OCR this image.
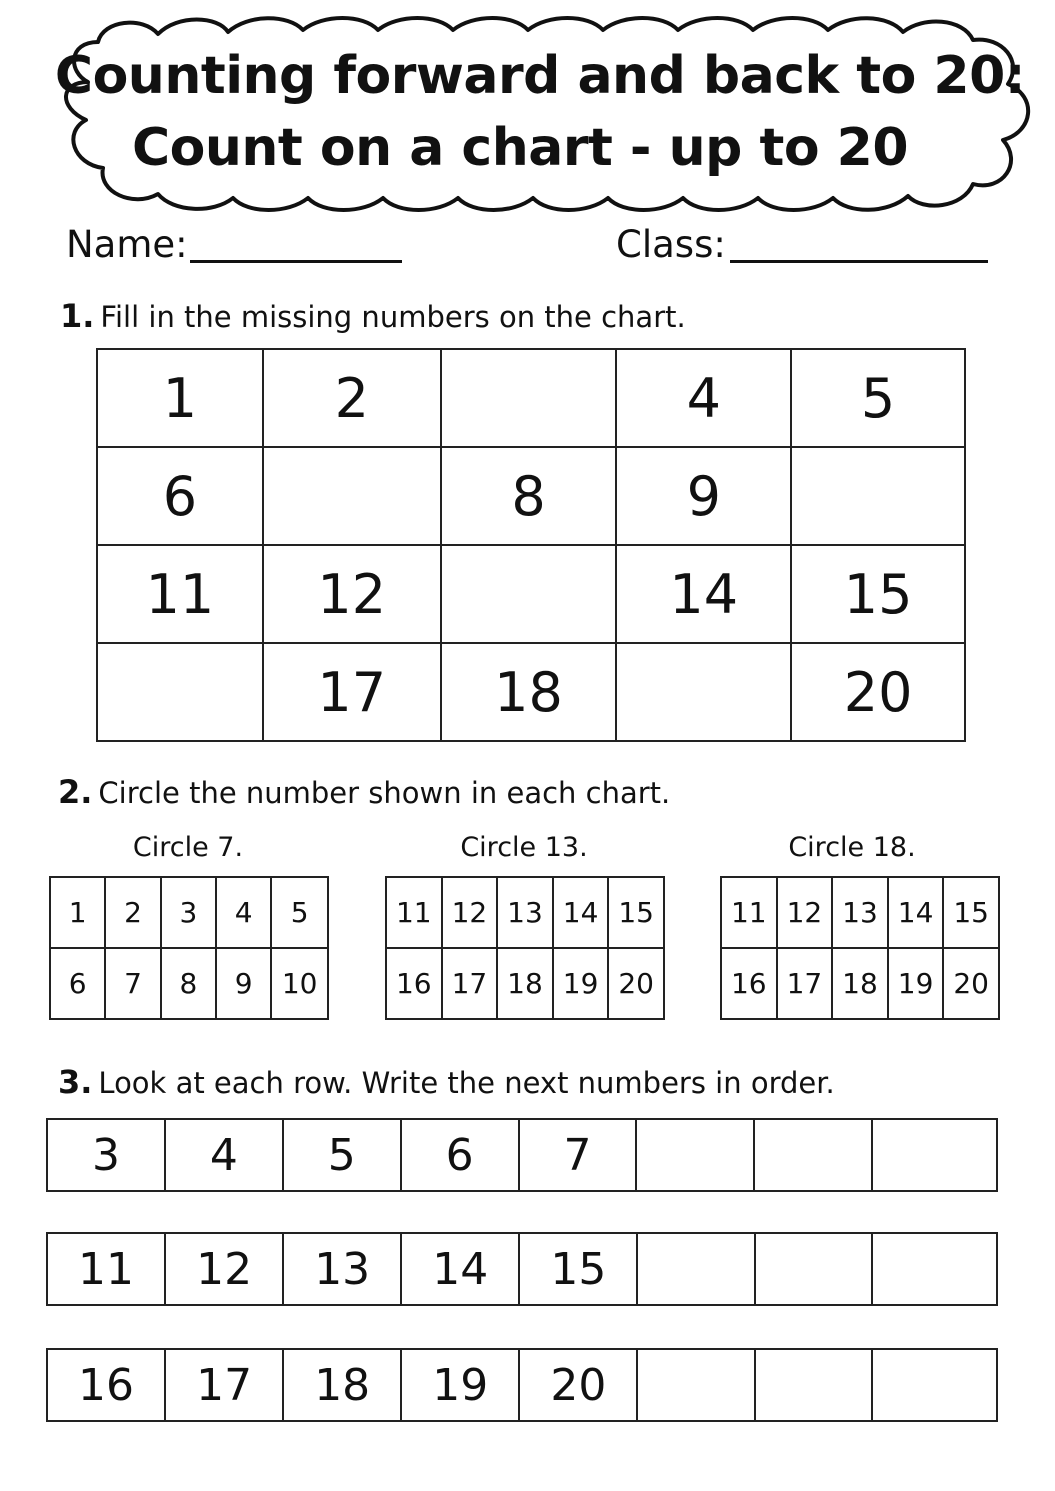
Counting forward and back to 20:
Count on a chart - up to 20
Name:	Class:
1. Fill in the missing numbers on the chart.
1	2		4	5
6		8	9	
11	12		14	15
	17	18		20
2. Circle the number shown in each chart.
Circle 7.	Circle 13.	Circle 18.
1	2	3	4	5
6	7	8	9	10
11	12	13	14	15
16	17	18	19	20
11	12	13	14	15
16	17	18	19	20
3. Look at each row. Write the next numbers in order.
3	4	5	6	7			
11	12	13	14	15			
16	17	18	19	20			
